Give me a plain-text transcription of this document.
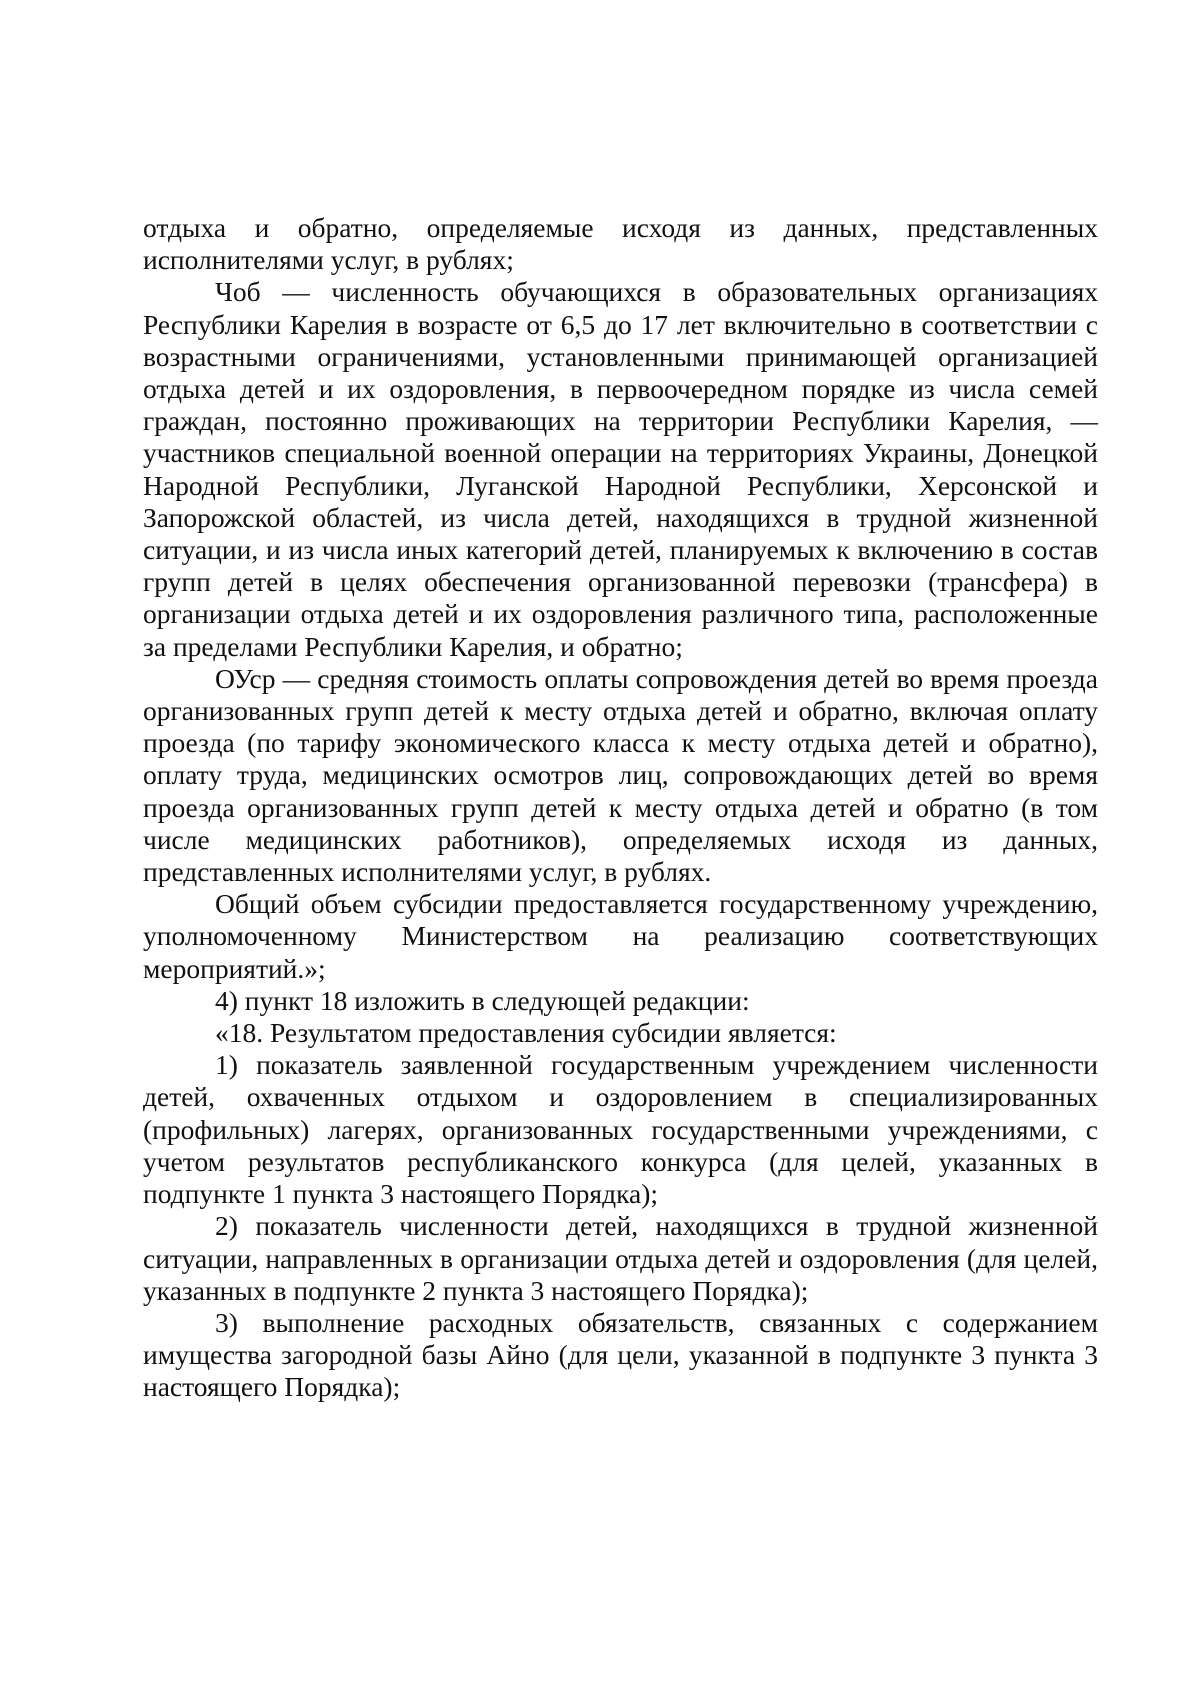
отдыха и обратно, определяемые исходя из данных, представленных исполнителями услуг, в рублях;

Чоб — численность обучающихся в образовательных организациях Республики Карелия в возрасте от 6,5 до 17 лет включительно в соответствии с возрастными ограничениями, установленными принимающей организацией отдыха детей и их оздоровления, в первоочередном порядке из числа семей граждан, постоянно проживающих на территории Республики Карелия, — участников специальной военной операции на территориях Украины, Донецкой Народной Республики, Луганской Народной Республики, Херсонской и Запорожской областей, из числа детей, находящихся в трудной жизненной ситуации, и из числа иных категорий детей, планируемых к включению в состав групп детей в целях обеспечения организованной перевозки (трансфера) в организации отдыха детей и их оздоровления различного типа, расположенные за пределами Республики Карелия, и обратно;

ОУср — средняя стоимость оплаты сопровождения детей во время проезда организованных групп детей к месту отдыха детей и обратно, включая оплату проезда (по тарифу экономического класса к месту отдыха детей и обратно), оплату труда, медицинских осмотров лиц, сопровождающих детей во время проезда организованных групп детей к месту отдыха детей и обратно (в том числе медицинских работников), определяемых исходя из данных, представленных исполнителями услуг, в рублях.

Общий объем субсидии предоставляется государственному учреждению, уполномоченному Министерством на реализацию соответствующих мероприятий.»;

4) пункт 18 изложить в следующей редакции:

«18. Результатом предоставления субсидии является:

1) показатель заявленной государственным учреждением численности детей, охваченных отдыхом и оздоровлением в специализированных (профильных) лагерях, организованных государственными учреждениями, с учетом результатов республиканского конкурса (для целей, указанных в подпункте 1 пункта 3 настоящего Порядка);

2) показатель численности детей, находящихся в трудной жизненной ситуации, направленных в организации отдыха детей и оздоровления (для целей, указанных в подпункте 2 пункта 3 настоящего Порядка);

3) выполнение расходных обязательств, связанных с содержанием имущества загородной базы Айно (для цели, указанной в подпункте 3 пункта 3 настоящего Порядка);
